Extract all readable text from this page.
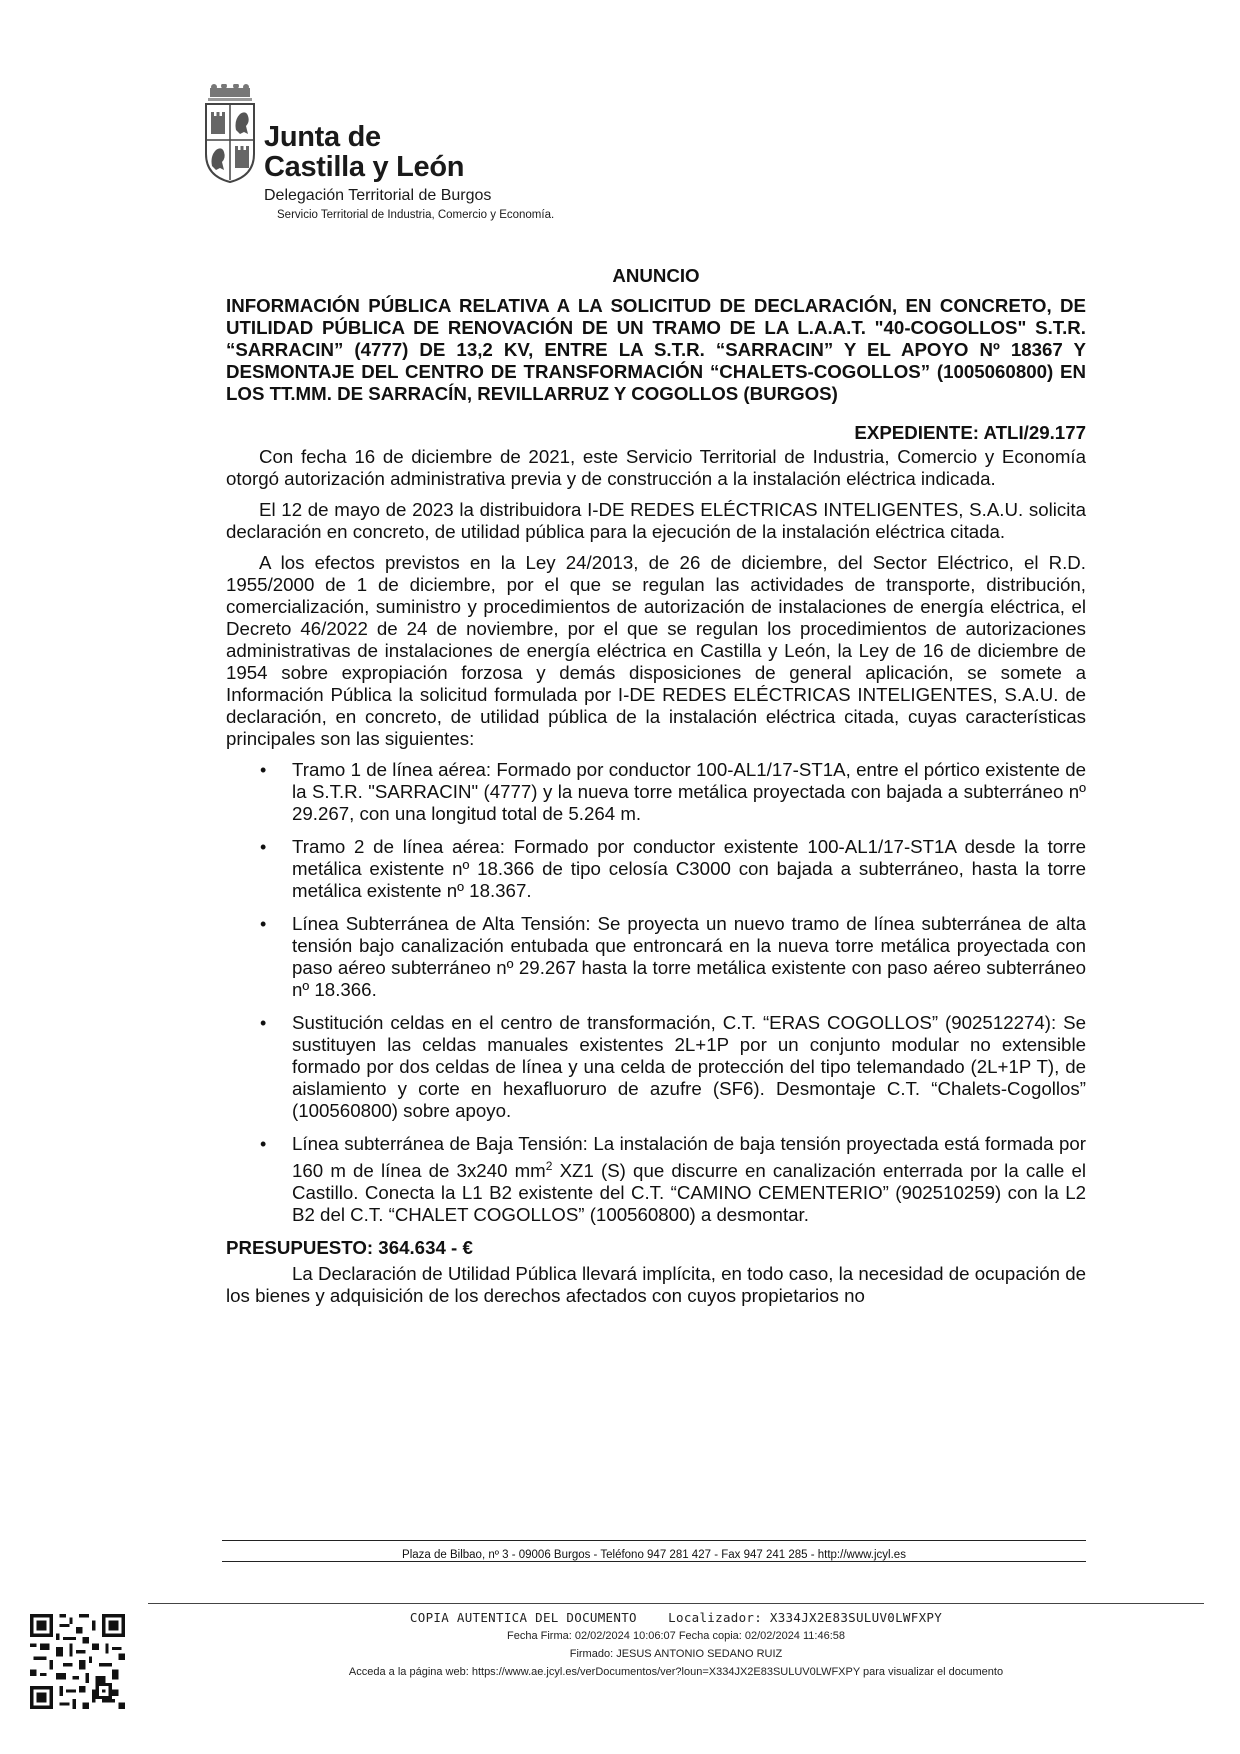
Junta de
Castilla y León
Delegación Territorial de Burgos
Servicio Territorial de Industria, Comercio y Economía.
ANUNCIO
INFORMACIÓN PÚBLICA RELATIVA A LA SOLICITUD DE DECLARACIÓN, EN CONCRETO, DE UTILIDAD PÚBLICA DE RENOVACIÓN DE UN TRAMO DE LA L.A.A.T. "40-COGOLLOS" S.T.R. “SARRACIN” (4777) DE 13,2 KV, ENTRE LA S.T.R. “SARRACIN” Y EL APOYO Nº 18367 Y DESMONTAJE DEL CENTRO DE TRANSFORMACIÓN “CHALETS-COGOLLOS” (1005060800) EN LOS TT.MM. DE SARRACÍN, REVILLARRUZ Y COGOLLOS (BURGOS)
EXPEDIENTE: ATLI/29.177

Con fecha 16 de diciembre de 2021, este Servicio Territorial de Industria, Comercio y Economía otorgó autorización administrativa previa y de construcción a la instalación eléctrica indicada.

El 12 de mayo de 2023 la distribuidora I-DE REDES ELÉCTRICAS INTELIGENTES, S.A.U. solicita declaración en concreto, de utilidad pública para la ejecución de la instalación eléctrica citada.

A los efectos previstos en la Ley 24/2013, de 26 de diciembre, del Sector Eléctrico, el R.D. 1955/2000 de 1 de diciembre, por el que se regulan las actividades de transporte, distribución, comercialización, suministro y procedimientos de autorización de instalaciones de energía eléctrica, el Decreto 46/2022 de 24 de noviembre, por el que se regulan los procedimientos de autorizaciones administrativas de instalaciones de energía eléctrica en Castilla y León, la Ley de 16 de diciembre de 1954 sobre expropiación forzosa y demás disposiciones de general aplicación, se somete a Información Pública la solicitud formulada por I-DE REDES ELÉCTRICAS INTELIGENTES, S.A.U. de declaración, en concreto, de utilidad pública de la instalación eléctrica citada, cuyas características principales son las siguientes:

• Tramo 1 de línea aérea: Formado por conductor 100-AL1/17-ST1A, entre el pórtico existente de la S.T.R. "SARRACIN" (4777) y la nueva torre metálica proyectada con bajada a subterráneo nº 29.267, con una longitud total de 5.264 m.
• Tramo 2 de línea aérea: Formado por conductor existente 100-AL1/17-ST1A desde la torre metálica existente nº 18.366 de tipo celosía C3000 con bajada a subterráneo, hasta la torre metálica existente nº 18.367.
• Línea Subterránea de Alta Tensión: Se proyecta un nuevo tramo de línea subterránea de alta tensión bajo canalización entubada que entroncará en la nueva torre metálica proyectada con paso aéreo subterráneo nº 29.267 hasta la torre metálica existente con paso aéreo subterráneo nº 18.366.
• Sustitución celdas en el centro de transformación, C.T. “ERAS COGOLLOS” (902512274): Se sustituyen las celdas manuales existentes 2L+1P por un conjunto modular no extensible formado por dos celdas de línea y una celda de protección del tipo telemandado (2L+1P T), de aislamiento y corte en hexafluoruro de azufre (SF6). Desmontaje C.T. “Chalets-Cogollos” (100560800) sobre apoyo.
• Línea subterránea de Baja Tensión: La instalación de baja tensión proyectada está formada por 160 m de línea de 3x240 $mm^2$ XZ1 (S) que discurre en canalización enterrada por la calle el Castillo. Conecta la L1 B2 existente del C.T. “CAMINO CEMENTERIO” (902510259) con la L2 B2 del C.T. “CHALET COGOLLOS” (100560800) a desmontar.
PRESUPUESTO: 364.634 - €

La Declaración de Utilidad Pública llevará implícita, en todo caso, la necesidad de ocupación de los bienes y adquisición de los derechos afectados con cuyos propietarios no

Plaza de Bilbao, nº 3 - 09006 Burgos - Teléfono 947 281 427 - Fax 947 241 285 - http://www.jcyl.es
COPIA AUTENTICA DEL DOCUMENTO    Localizador: X334JX2E83SULUV0LWFXPY
Fecha Firma: 02/02/2024 10:06:07 Fecha copia: 02/02/2024 11:46:58
Firmado: JESUS ANTONIO SEDANO RUIZ
Acceda a la página web: https://www.ae.jcyl.es/verDocumentos/ver?loun=X334JX2E83SULUV0LWFXPY para visualizar el documento
